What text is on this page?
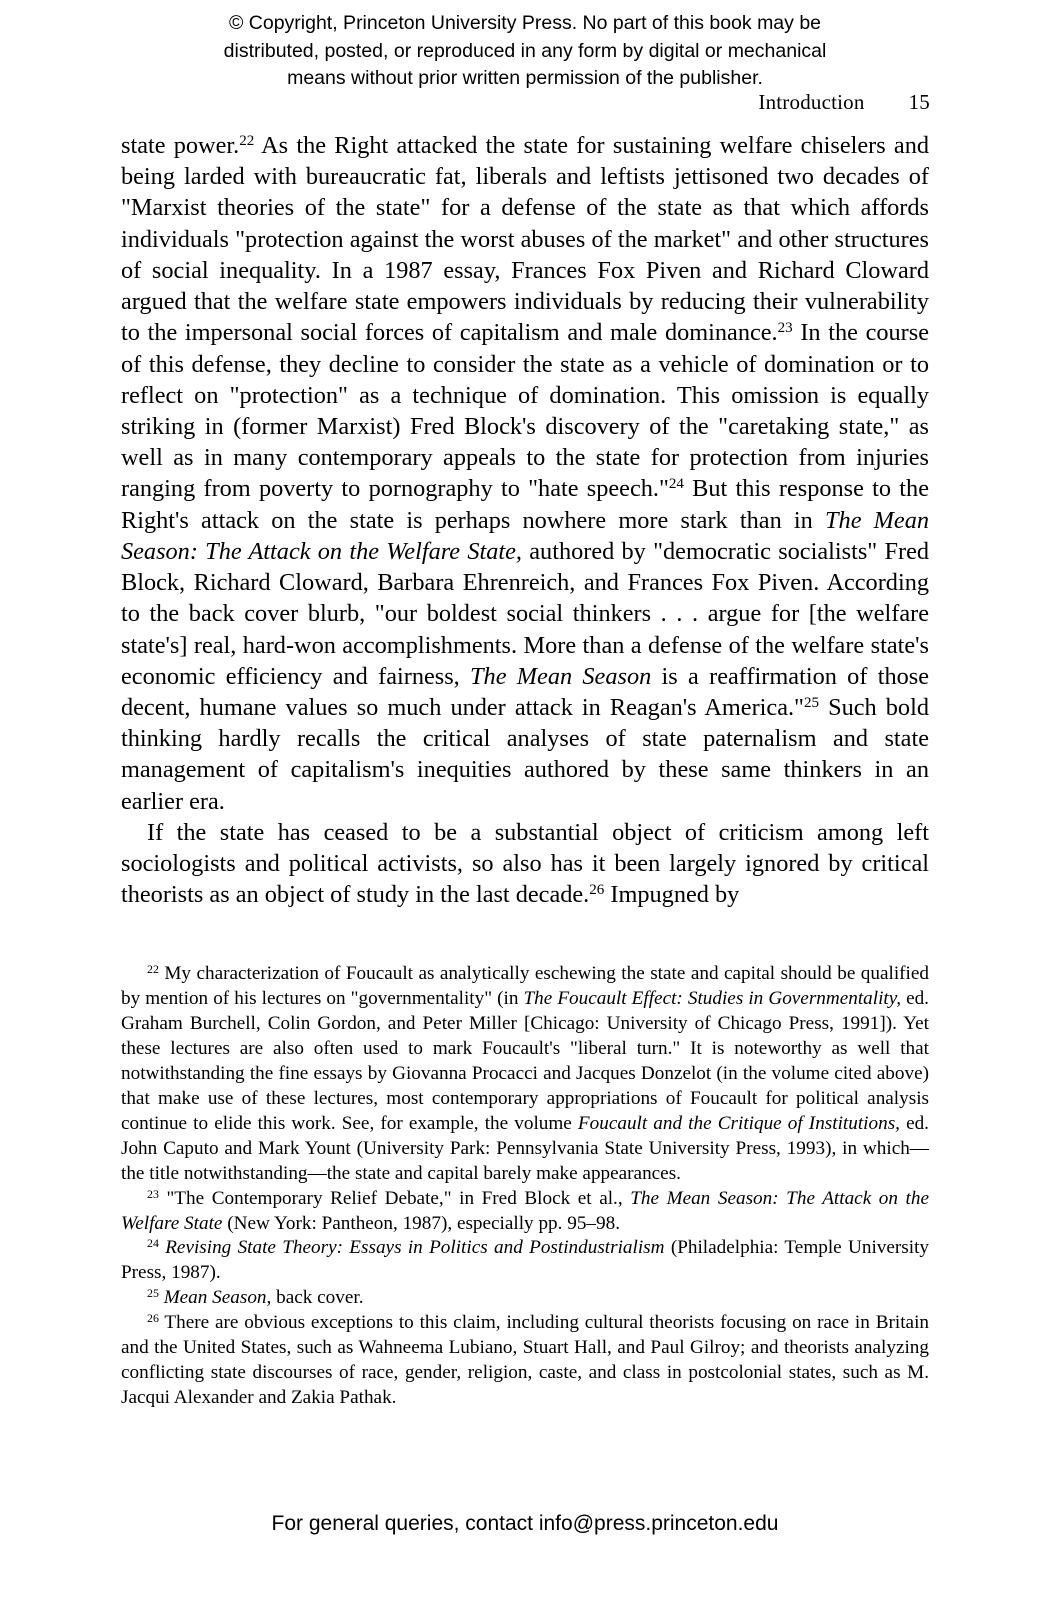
© Copyright, Princeton University Press. No part of this book may be
distributed, posted, or reproduced in any form by digital or mechanical
means without prior written permission of the publisher.
Introduction 15

state power.$^{22}$ As the Right attacked the state for sustaining welfare chiselers and being larded with bureaucratic fat, liberals and leftists jettisoned two decades of "Marxist theories of the state" for a defense of the state as that which affords individuals "protection against the worst abuses of the market" and other structures of social inequality. In a 1987 essay, Frances Fox Piven and Richard Cloward argued that the welfare state empowers individuals by reducing their vulnerability to the impersonal social forces of capitalism and male dominance.$^{23}$ In the course of this defense, they decline to consider the state as a vehicle of domination or to reflect on "protection" as a technique of domination. This omission is equally striking in (former Marxist) Fred Block's discovery of the "caretaking state," as well as in many contemporary appeals to the state for protection from injuries ranging from poverty to pornography to "hate speech."$^{24}$ But this response to the Right's attack on the state is perhaps nowhere more stark than in The Mean Season: The Attack on the Welfare State, authored by "democratic socialists" Fred Block, Richard Cloward, Barbara Ehrenreich, and Frances Fox Piven. According to the back cover blurb, "our boldest social thinkers . . . argue for [the welfare state's] real, hard-won accomplishments. More than a defense of the welfare state's economic efficiency and fairness, The Mean Season is a reaffirmation of those decent, humane values so much under attack in Reagan's America."$^{25}$ Such bold thinking hardly recalls the critical analyses of state paternalism and state management of capitalism's inequities authored by these same thinkers in an earlier era.

If the state has ceased to be a substantial object of criticism among left sociologists and political activists, so also has it been largely ignored by critical theorists as an object of study in the last decade.$^{26}$ Impugned by

$^{22}$ My characterization of Foucault as analytically eschewing the state and capital should be qualified by mention of his lectures on "governmentality" (in The Foucault Effect: Studies in Governmentality, ed. Graham Burchell, Colin Gordon, and Peter Miller [Chicago: University of Chicago Press, 1991]). Yet these lectures are also often used to mark Foucault's "liberal turn." It is noteworthy as well that notwithstanding the fine essays by Giovanna Procacci and Jacques Donzelot (in the volume cited above) that make use of these lectures, most contemporary appropriations of Foucault for political analysis continue to elide this work. See, for example, the volume Foucault and the Critique of Institutions, ed. John Caputo and Mark Yount (University Park: Pennsylvania State University Press, 1993), in which—the title notwithstanding—the state and capital barely make appearances.

$^{23}$ "The Contemporary Relief Debate," in Fred Block et al., The Mean Season: The Attack on the Welfare State (New York: Pantheon, 1987), especially pp. 95–98.

$^{24}$ Revising State Theory: Essays in Politics and Postindustrialism (Philadelphia: Temple University Press, 1987).

$^{25}$ Mean Season, back cover.

$^{26}$ There are obvious exceptions to this claim, including cultural theorists focusing on race in Britain and the United States, such as Wahneema Lubiano, Stuart Hall, and Paul Gilroy; and theorists analyzing conflicting state discourses of race, gender, religion, caste, and class in postcolonial states, such as M. Jacqui Alexander and Zakia Pathak.

For general queries, contact info@press.princeton.edu
